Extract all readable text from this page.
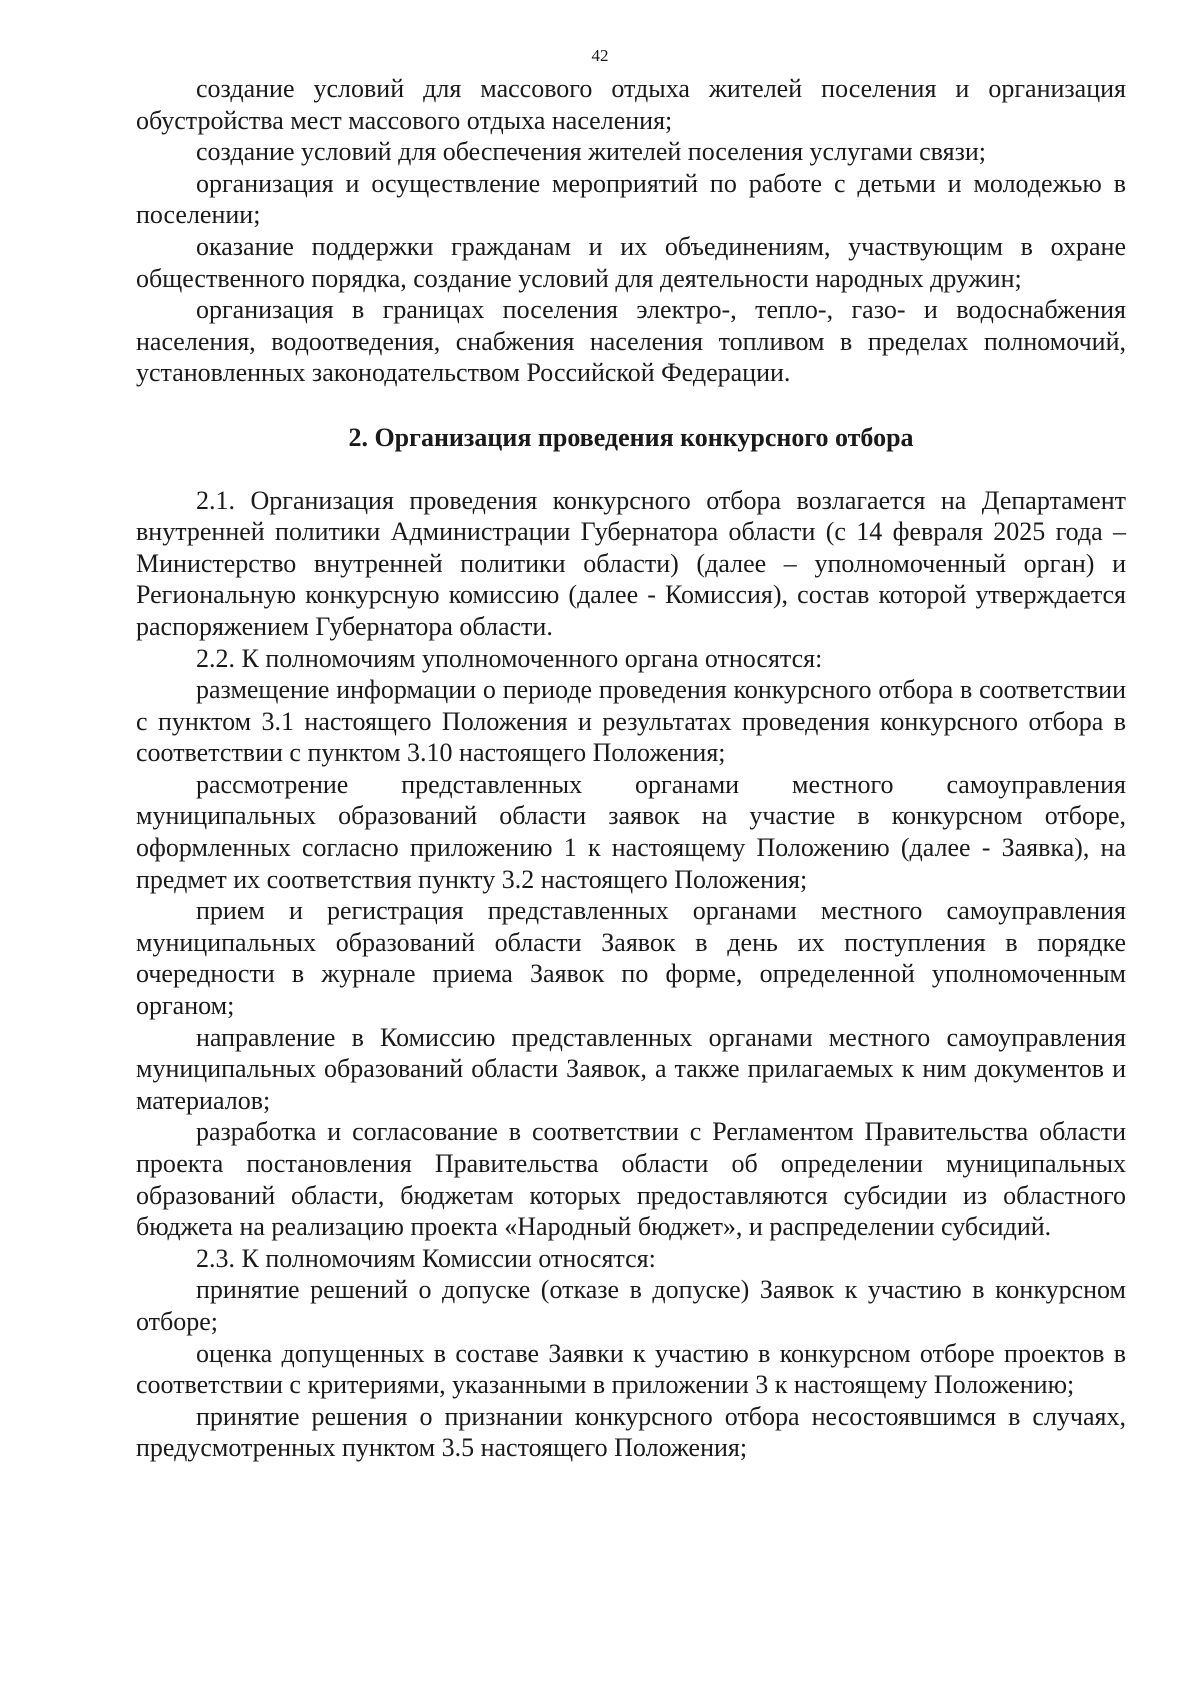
42

создание условий для массового отдыха жителей поселения и организация обустройства мест массового отдыха населения;

создание условий для обеспечения жителей поселения услугами связи;

организация и осуществление мероприятий по работе с детьми и молодежью в поселении;

оказание поддержки гражданам и их объединениям, участвующим в охране общественного порядка, создание условий для деятельности народных дружин;

организация в границах поселения электро-, тепло-, газо- и водоснабжения населения, водоотведения, снабжения населения топливом в пределах полномочий, установленных законодательством Российской Федерации.

2. Организация проведения конкурсного отбора

2.1. Организация проведения конкурсного отбора возлагается на Департамент внутренней политики Администрации Губернатора области (с 14 февраля 2025 года – Министерство внутренней политики области) (далее – уполномоченный орган) и Региональную конкурсную комиссию (далее - Комиссия), состав которой утверждается распоряжением Губернатора области.

2.2. К полномочиям уполномоченного органа относятся:

размещение информации о периоде проведения конкурсного отбора в соответствии с пунктом 3.1 настоящего Положения и результатах проведения конкурсного отбора в соответствии с пунктом 3.10 настоящего Положения;

рассмотрение представленных органами местного самоуправления муниципальных образований области заявок на участие в конкурсном отборе, оформленных согласно приложению 1 к настоящему Положению (далее - Заявка), на предмет их соответствия пункту 3.2 настоящего Положения;

прием и регистрация представленных органами местного самоуправления муниципальных образований области Заявок в день их поступления в порядке очередности в журнале приема Заявок по форме, определенной уполномоченным органом;

направление в Комиссию представленных органами местного самоуправления муниципальных образований области Заявок, а также прилагаемых к ним документов и материалов;

разработка и согласование в соответствии с Регламентом Правительства области проекта постановления Правительства области об определении муниципальных образований области, бюджетам которых предоставляются субсидии из областного бюджета на реализацию проекта «Народный бюджет», и распределении субсидий.

2.3. К полномочиям Комиссии относятся:

принятие решений о допуске (отказе в допуске) Заявок к участию в конкурсном отборе;

оценка допущенных в составе Заявки к участию в конкурсном отборе проектов в соответствии с критериями, указанными в приложении 3 к настоящему Положению;

принятие решения о признании конкурсного отбора несостоявшимся в случаях, предусмотренных пунктом 3.5 настоящего Положения;
